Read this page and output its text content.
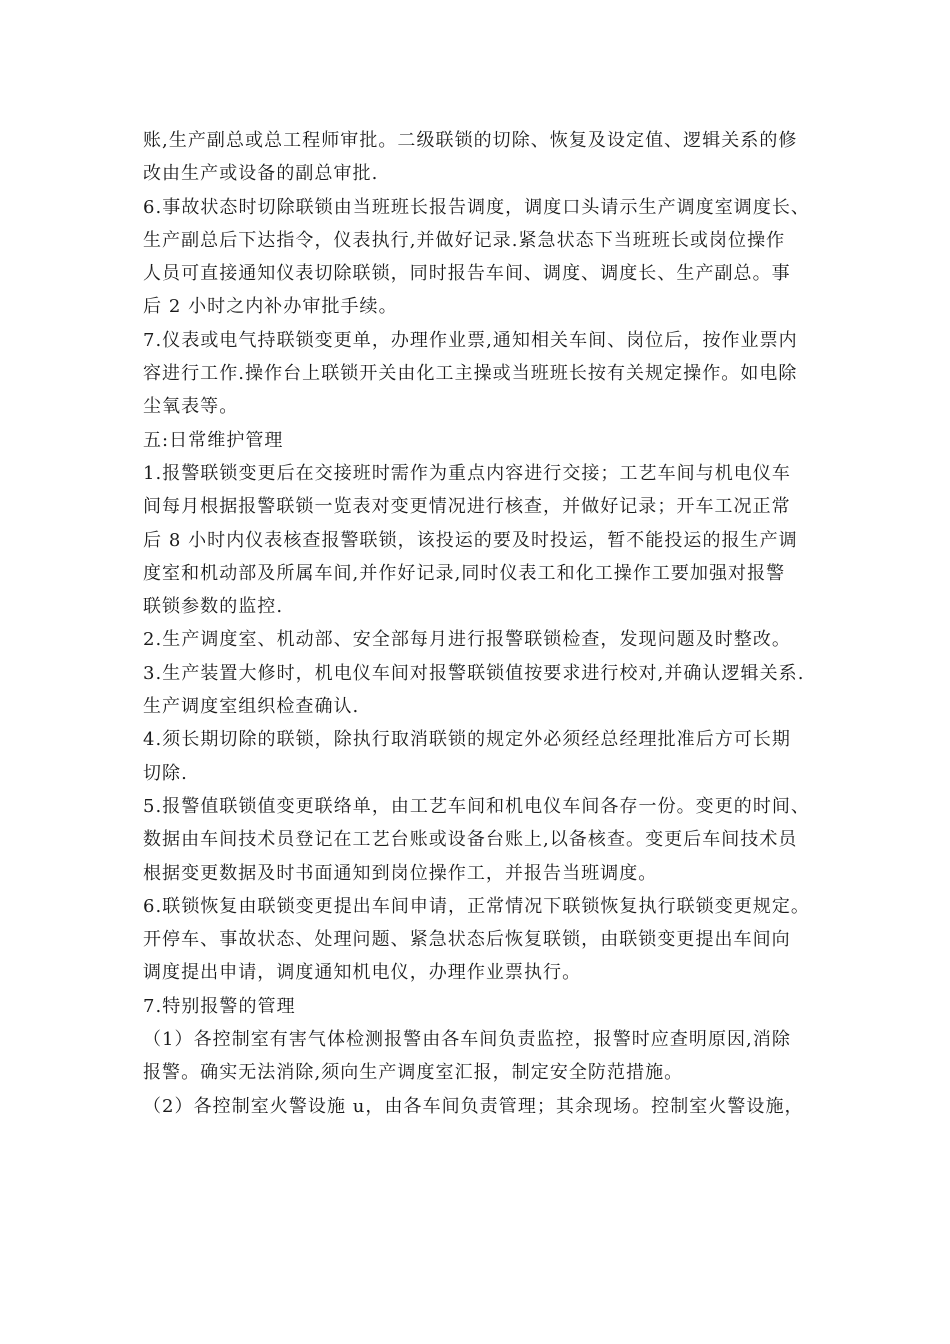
账,生产副总或总工程师审批。二级联锁的切除、恢复及设定值、逻辑关系的修
改由生产或设备的副总审批.
6.事故状态时切除联锁由当班班长报告调度，调度口头请示生产调度室调度长、
生产副总后下达指令，仪表执行,并做好记录.紧急状态下当班班长或岗位操作
人员可直接通知仪表切除联锁，同时报告车间、调度、调度长、生产副总。事
后 2 小时之内补办审批手续。
7.仪表或电气持联锁变更单，办理作业票,通知相关车间、岗位后，按作业票内
容进行工作.操作台上联锁开关由化工主操或当班班长按有关规定操作。如电除
尘氧表等。
五:日常维护管理
1.报警联锁变更后在交接班时需作为重点内容进行交接；工艺车间与机电仪车
间每月根据报警联锁一览表对变更情况进行核查，并做好记录；开车工况正常
后 8 小时内仪表核查报警联锁，该投运的要及时投运，暂不能投运的报生产调
度室和机动部及所属车间,并作好记录,同时仪表工和化工操作工要加强对报警
联锁参数的监控.
2.生产调度室、机动部、安全部每月进行报警联锁检查，发现问题及时整改。
3.生产装置大修时，机电仪车间对报警联锁值按要求进行校对,并确认逻辑关系.
生产调度室组织检查确认.
4.须长期切除的联锁，除执行取消联锁的规定外必须经总经理批准后方可长期
切除.
5.报警值联锁值变更联络单，由工艺车间和机电仪车间各存一份。变更的时间、
数据由车间技术员登记在工艺台账或设备台账上,以备核查。变更后车间技术员
根据变更数据及时书面通知到岗位操作工，并报告当班调度。
6.联锁恢复由联锁变更提出车间申请，正常情况下联锁恢复执行联锁变更规定。
开停车、事故状态、处理问题、紧急状态后恢复联锁，由联锁变更提出车间向
调度提出申请，调度通知机电仪，办理作业票执行。
7.特别报警的管理
（1）各控制室有害气体检测报警由各车间负责监控，报警时应查明原因,消除
报警。确实无法消除,须向生产调度室汇报，制定安全防范措施。
（2）各控制室火警设施 u，由各车间负责管理；其余现场。控制室火警设施，
